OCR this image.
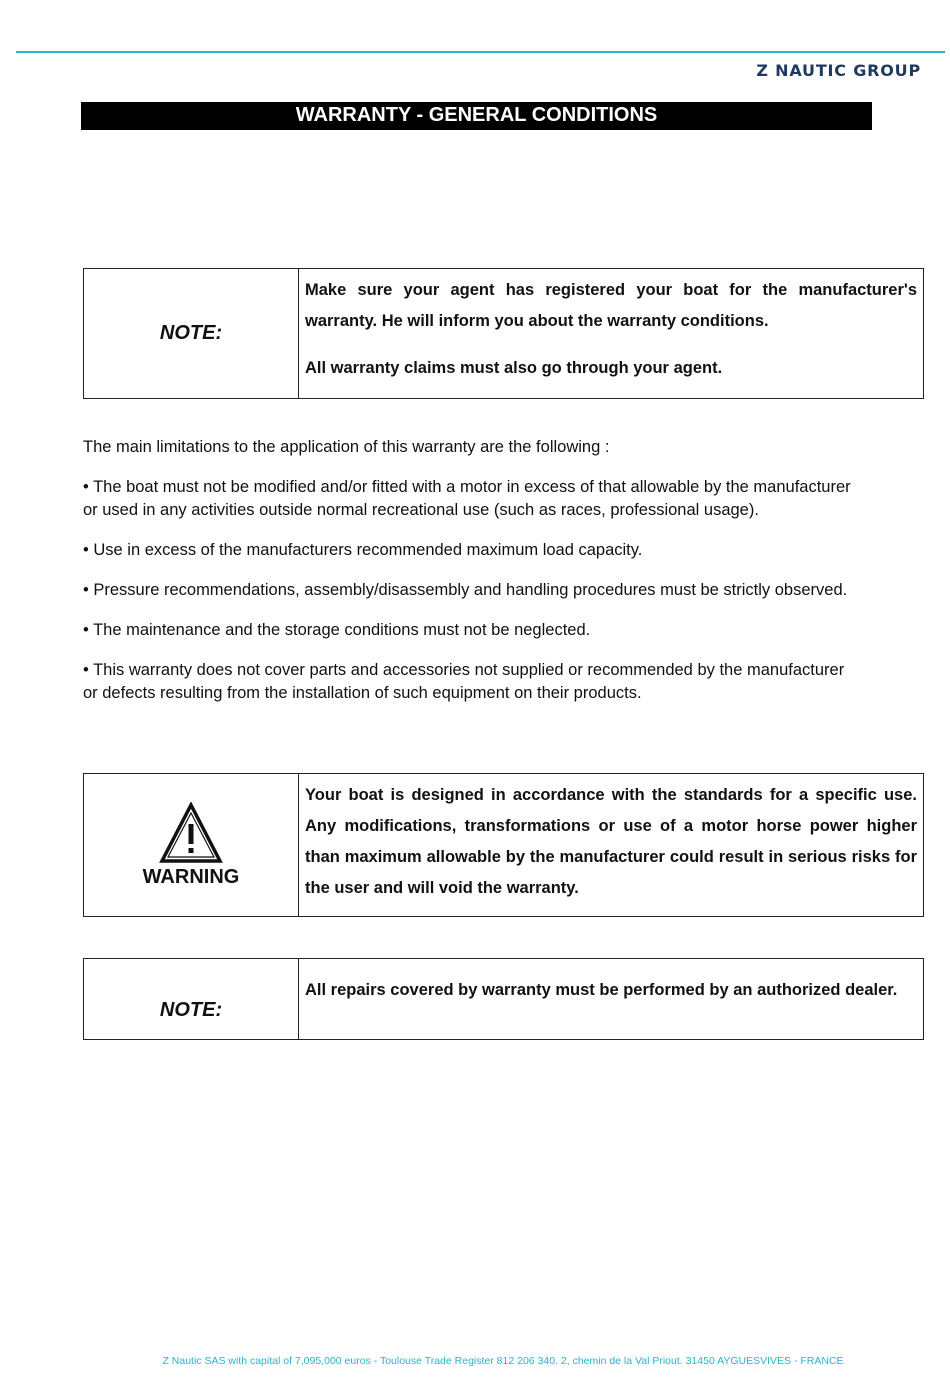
Z NAUTIC GROUP
WARRANTY - GENERAL CONDITIONS
NOTE:

Make sure your agent has registered your boat for the manufacturer's warranty. He will inform you about the warranty conditions.

All warranty claims must also go through your agent.

The main limitations to the application of this warranty are the following :

• The boat must not be modified and/or fitted with a motor in excess of that allowable by the manufacturer or used in any activities outside normal recreational use (such as races, professional usage).

• Use in excess of the manufacturers recommended maximum load capacity.

• Pressure recommendations, assembly/disassembly and handling procedures must be strictly observed.

• The maintenance and the storage conditions must not be neglected.

• This warranty does not cover parts and accessories not supplied or recommended by the manufacturer or defects resulting from the installation of such equipment on their products.

WARNING

Your boat is designed in accordance with the standards for a specific use. Any modifications, transformations or use of a motor horse power higher than maximum allowable by the manufacturer could result in serious risks for the user and will void the warranty.

NOTE:

All repairs covered by warranty must be performed by an authorized dealer.

Z Nautic SAS with capital of 7,095,000 euros - Toulouse Trade Register 812 206 340. 2, chemin de la Val Priout. 31450 AYGUESVIVES - FRANCE
